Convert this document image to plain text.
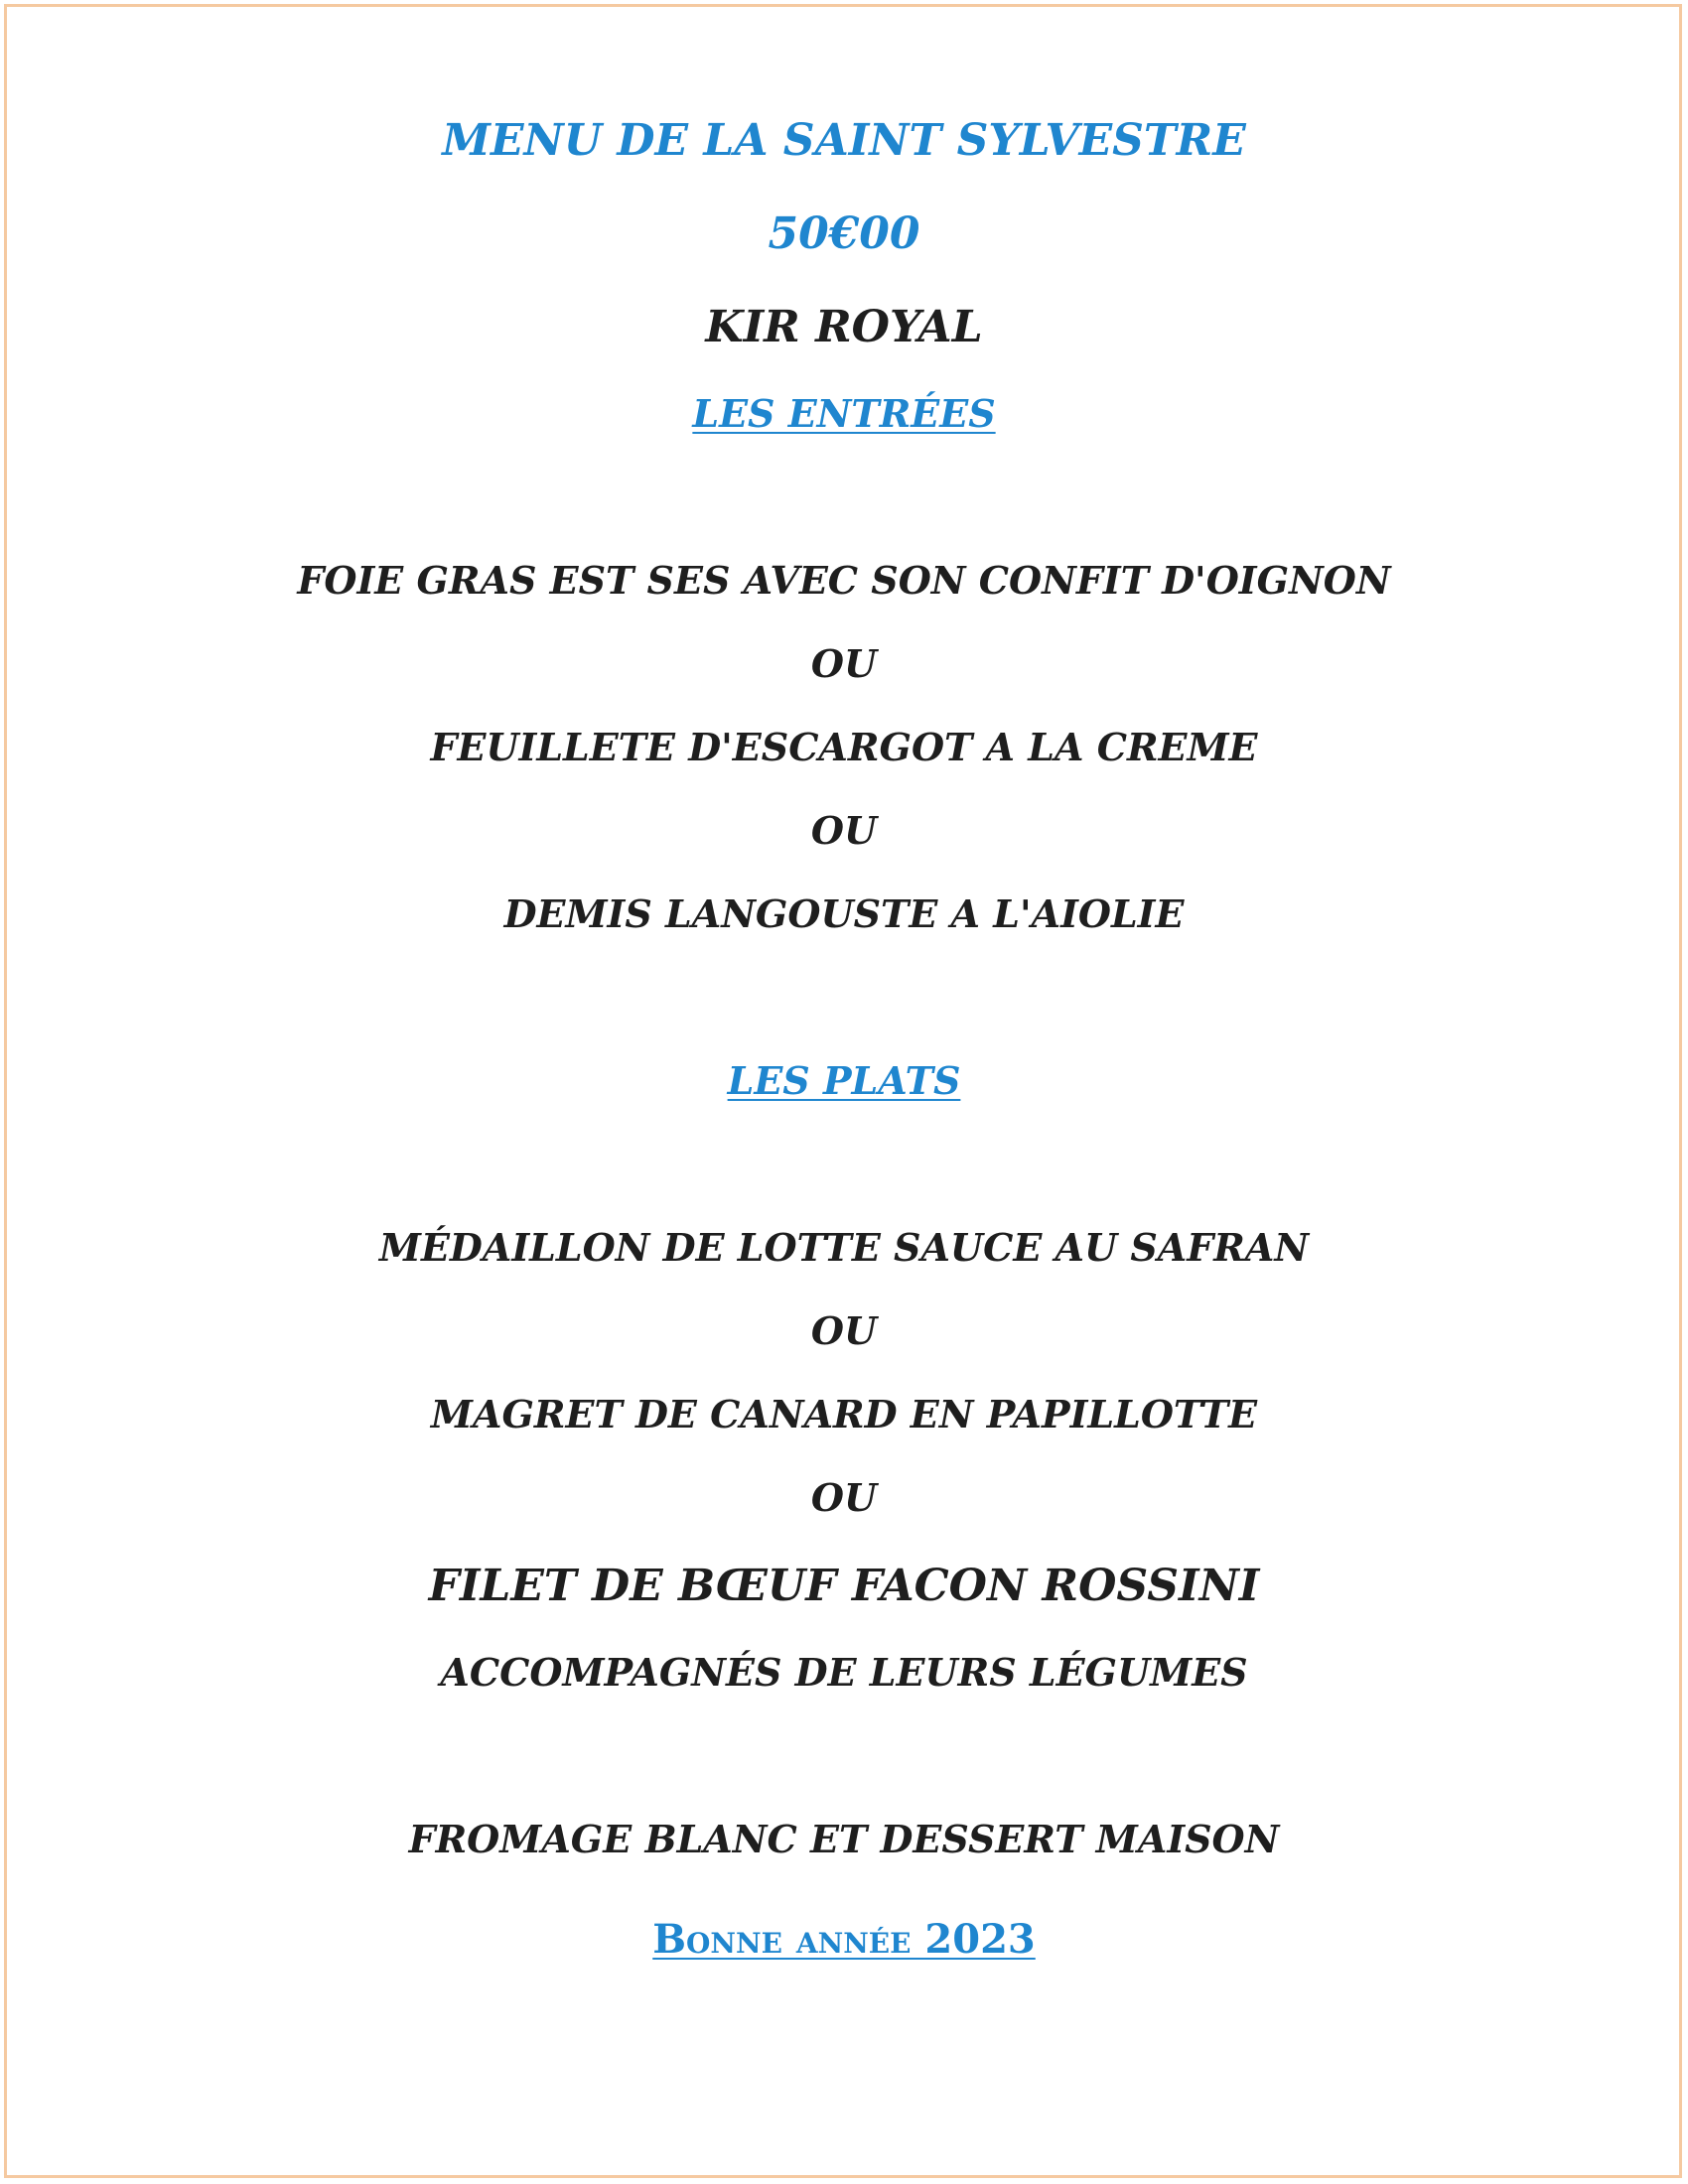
MENU DE LA SAINT SYLVESTRE
50€00
KIR ROYAL
LES ENTRÉES
FOIE GRAS EST SES AVEC SON CONFIT D'OIGNON
OU
FEUILLETE D'ESCARGOT A LA CREME
OU
DEMIS LANGOUSTE A L'AIOLIE
LES PLATS
MÉDAILLON DE LOTTE SAUCE AU SAFRAN
OU
MAGRET DE CANARD EN PAPILLOTTE
OU
FILET DE BŒUF FACON ROSSINI
ACCOMPAGNÉS DE LEURS LÉGUMES
FROMAGE BLANC ET DESSERT MAISON
Bonne année 2023
